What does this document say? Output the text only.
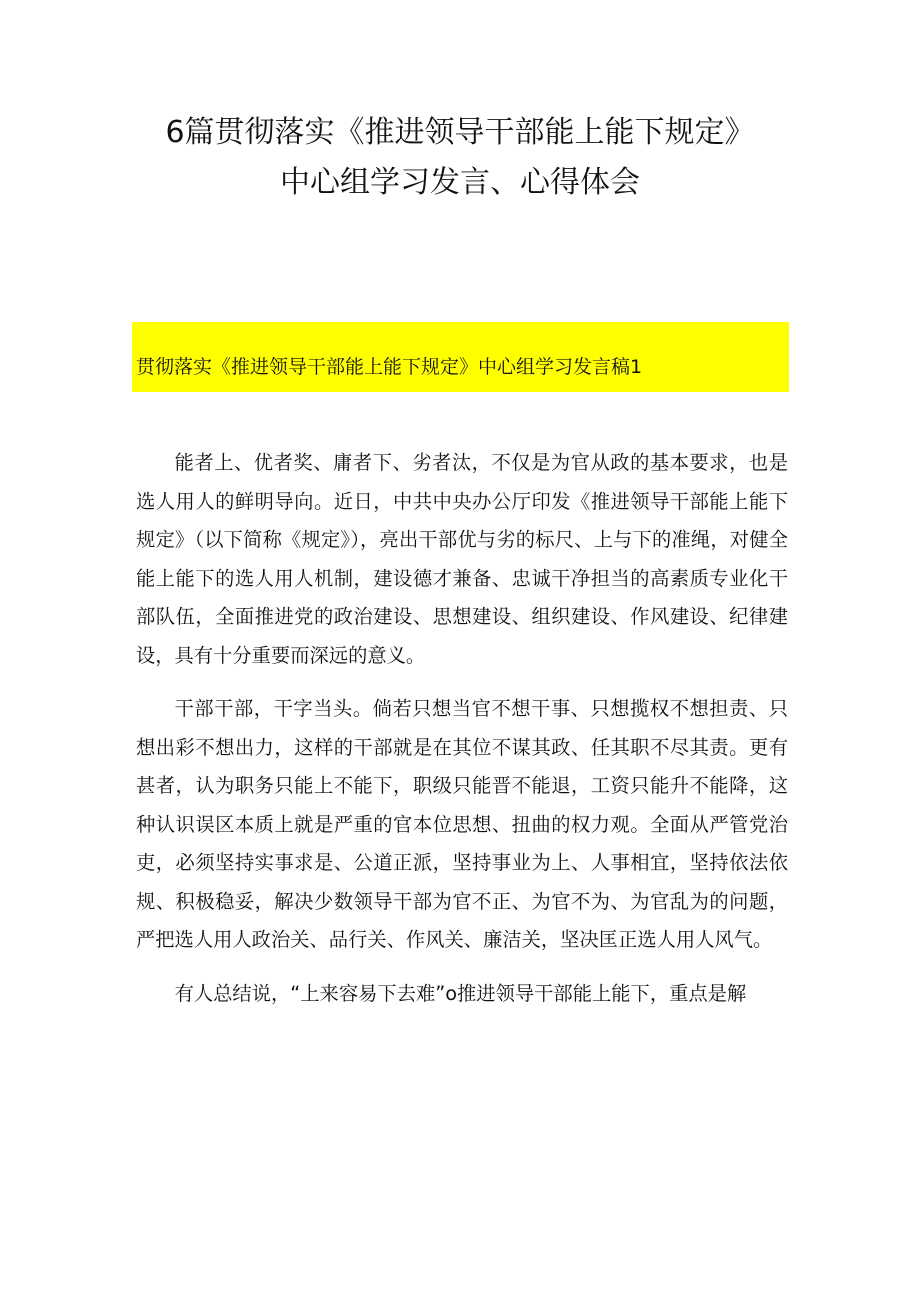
6篇贯彻落实《推进领导干部能上能下规定》
中心组学习发言、心得体会
贯彻落实《推进领导干部能上能下规定》中心组学习发言稿1

能者上、优者奖、庸者下、劣者汰，不仅是为官从政的基本要求，也是选人用人的鲜明导向。近日，中共中央办公厅印发《推进领导干部能上能下规定》（以下简称《规定》），亮出干部优与劣的标尺、上与下的准绳，对健全能上能下的选人用人机制，建设德才兼备、忠诚干净担当的高素质专业化干部队伍，全面推进党的政治建设、思想建设、组织建设、作风建设、纪律建设，具有十分重要而深远的意义。

干部干部，干字当头。倘若只想当官不想干事、只想揽权不想担责、只想出彩不想出力，这样的干部就是在其位不谋其政、任其职不尽其责。更有甚者，认为职务只能上不能下，职级只能晋不能退，工资只能升不能降，这种认识误区本质上就是严重的官本位思想、扭曲的权力观。全面从严管党治吏，必须坚持实事求是、公道正派，坚持事业为上、人事相宜，坚持依法依规、积极稳妥，解决少数领导干部为官不正、为官不为、为官乱为的问题，严把选人用人政治关、品行关、作风关、廉洁关，坚决匡正选人用人风气。

有人总结说，“上来容易下去难”o推进领导干部能上能下，重点是解
